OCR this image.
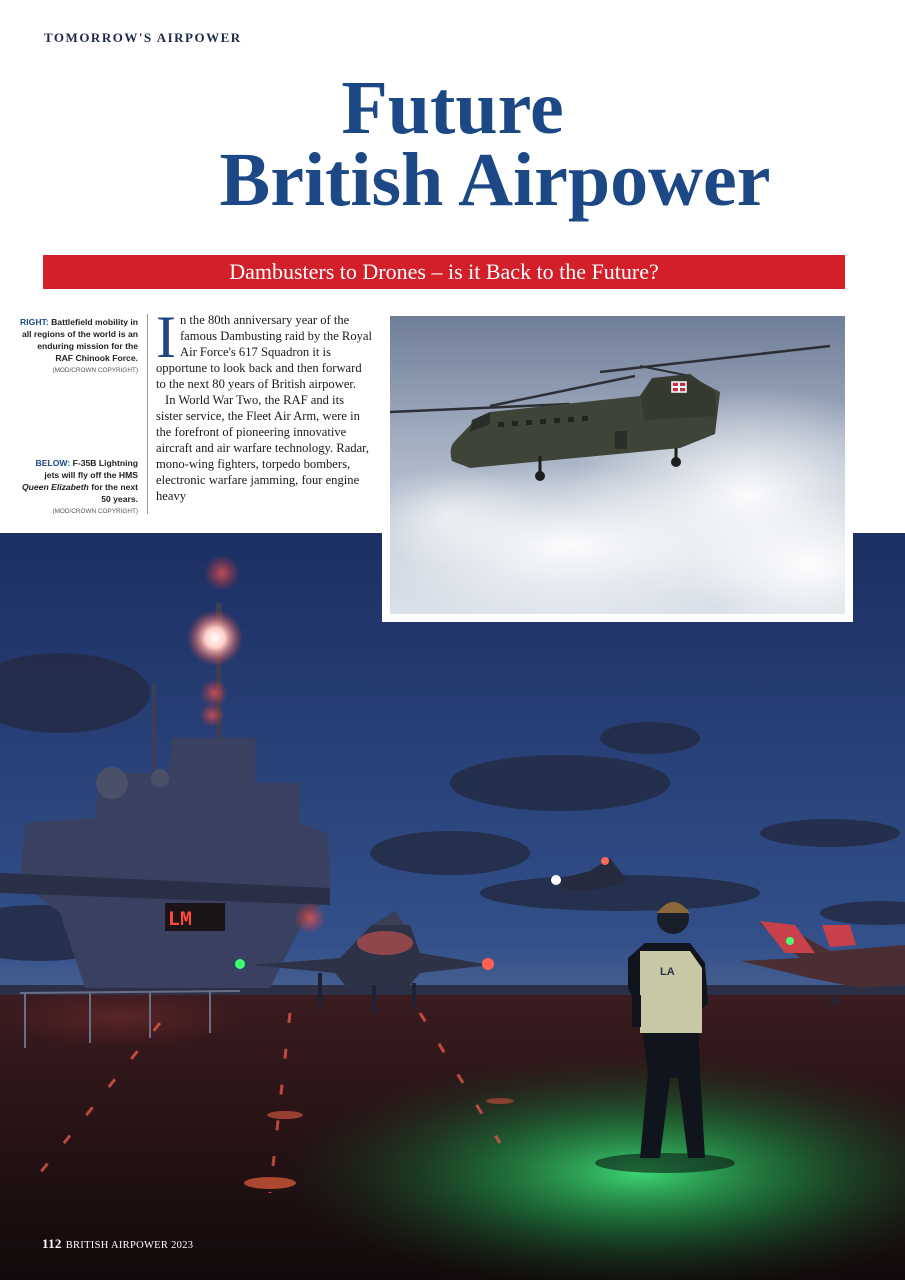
TOMORROW'S AIRPOWER
Future
British Airpower
Dambusters to Drones – is it Back to the Future?
RIGHT: Battlefield mobility in all regions of the world is an enduring mission for the RAF Chinook Force.
(MOD/CROWN COPYRIGHT)
BELOW: F-35B Lightning jets will fly off the HMS Queen Elizabeth for the next 50 years.
(MOD/CROWN COPYRIGHT)

In the 80th anniversary year of the famous Dambusting raid by the Royal Air Force's 617 Squadron it is opportune to look back and then forward to the next 80 years of British airpower.

In World War Two, the RAF and its sister service, the Fleet Air Arm, were in the forefront of pioneering innovative aircraft and air warfare technology. Radar, mono-wing fighters, torpedo bombers, electronic warfare jamming, four engine heavy

LM
LA
112 BRITISH AIRPOWER 2023
